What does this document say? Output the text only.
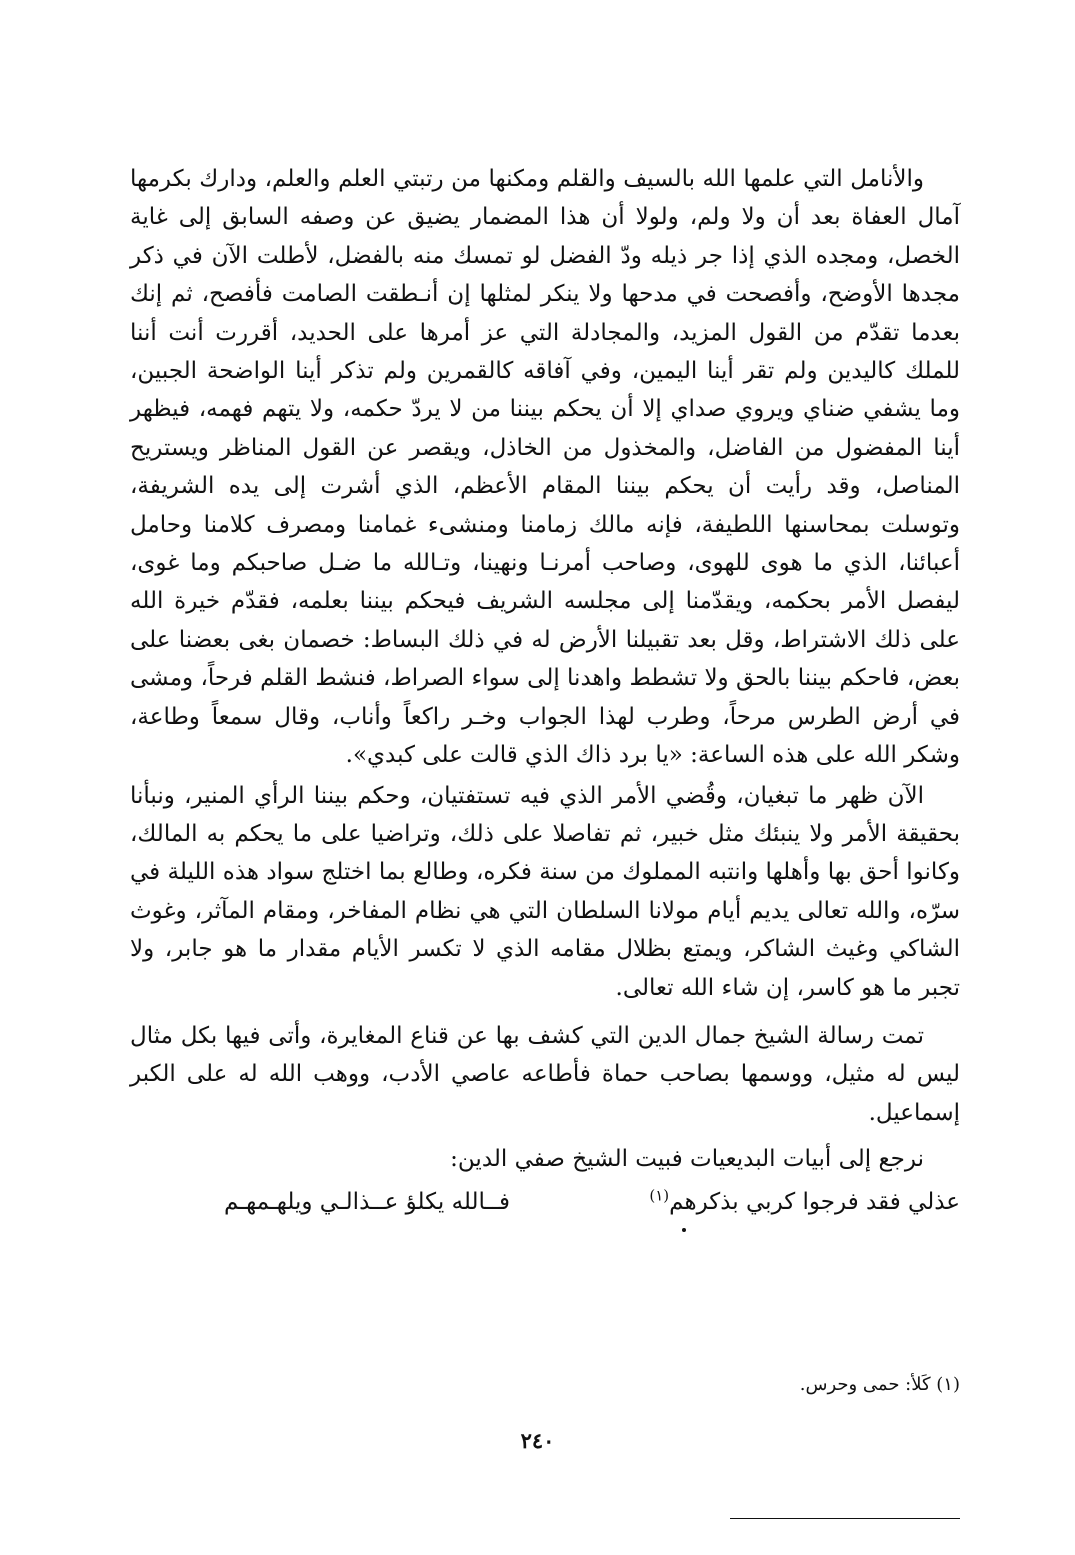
والأنامل التي علمها الله بالسيف والقلم ومكنها من رتبتي العلم والعلم، ودارك بكرمها آمال العفاة بعد أن ولا ولم، ولولا أن هذا المضمار يضيق عن وصفه السابق إلى غاية الخصل، ومجده الذي إذا جر ذيله ودّ الفضل لو تمسك منه بالفضل، لأطلت الآن في ذكر مجدها الأوضح، وأفصحت في مدحها ولا ينكر لمثلها إن أنـطقت الصامت فأفصح، ثم إنك بعدما تقدّم من القول المزيد، والمجادلة التي عز أمرها على الحديد، أقررت أنت أننا للملك كاليدين ولم تقر أينا اليمين، وفي آفاقه كالقمرين ولم تذكر أينا الواضحة الجبين، وما يشفي ضناي ويروي صداي إلا أن يحكم بيننا من لا يردّ حكمه، ولا يتهم فهمه، فيظهر أينا المفضول من الفاضل، والمخذول من الخاذل، ويقصر عن القول المناظر ويستريح المناصل، وقد رأيت أن يحكم بيننا المقام الأعظم، الذي أشرت إلى يده الشريفة، وتوسلت بمحاسنها اللطيفة، فإنه مالك زمامنا ومنشىء غمامنا ومصرف كلامنا وحامل أعبائنا، الذي ما هوى للهوى، وصاحب أمرنـا ونهينا، وتـالله ما ضـل صاحبكم وما غوى، ليفصل الأمر بحكمه، ويقدّمنا إلى مجلسه الشريف فيحكم بيننا بعلمه، فقدّم خيرة الله على ذلك الاشتراط، وقل بعد تقبيلنا الأرض له في ذلك البساط: خصمان بغى بعضنا على بعض، فاحكم بيننا بالحق ولا تشطط واهدنا إلى سواء الصراط، فنشط القلم فرحاً، ومشى في أرض الطرس مرحاً، وطرب لهذا الجواب وخـر راكعاً وأناب، وقال سمعاً وطاعة، وشكر الله على هذه الساعة: «يا برد ذاك الذي قالت على كبدي».

الآن ظهر ما تبغيان، وقُضي الأمر الذي فيه تستفتيان، وحكم بيننا الرأي المنير، ونبأنا بحقيقة الأمر ولا ينبئك مثل خبير، ثم تفاصلا على ذلك، وتراضيا على ما يحكم به المالك، وكانوا أحق بها وأهلها وانتبه المملوك من سنة فكره، وطالع بما اختلج سواد هذه الليلة في سرّه، والله تعالى يديم أيام مولانا السلطان التي هي نظام المفاخر، ومقام المآثر، وغوث الشاكي وغيث الشاكر، ويمتع بظلال مقامه الذي لا تكسر الأيام مقدار ما هو جابر، ولا تجبر ما هو كاسر، إن شاء الله تعالى.

تمت رسالة الشيخ جمال الدين التي كشف بها عن قناع المغايرة، وأتى فيها بكل مثال ليس له مثيل، ووسمها بصاحب حماة فأطاعه عاصي الأدب، ووهب الله له على الكبر إسماعيل.

نرجع إلى أبيات البديعيات فبيت الشيخ صفي الدين:

عذلي فقد فرجوا كربي بذكرهم$^{(١)}$
فــالله يكلؤ عــذالـي ويلهـمهـم
(١) كَلأ: حمى وحرس.
٢٤٠
